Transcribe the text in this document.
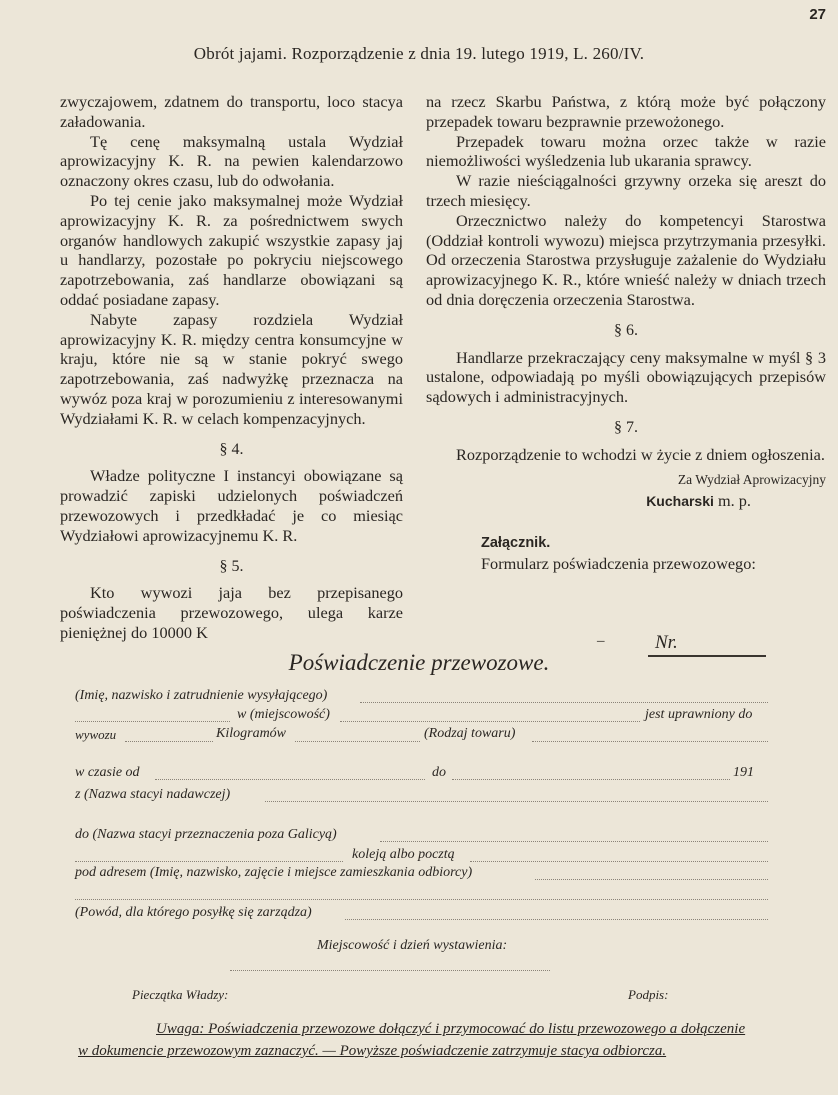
27
Obrót jajami. Rozporządzenie z dnia 19. lutego 1919, L. 260/IV.

zwyczajowem, zdatnem do transportu, loco stacya załadowania.

Tę cenę maksymalną ustala Wydział aprowizacyjny K. R. na pewien kalendarzowo oznaczony okres czasu, lub do odwołania.

Po tej cenie jako maksymalnej może Wydział aprowizacyjny K. R. za pośrednictwem swych organów handlowych zakupić wszystkie zapasy jaj u handlarzy, pozostałe po pokryciu niejscowego zapotrzebowania, zaś handlarze obowiązani są oddać posiadane zapasy.

Nabyte zapasy rozdziela Wydział aprowizacyjny K. R. między centra konsumcyjne w kraju, które nie są w stanie pokryć swego zapotrzebowania, zaś nadwyżkę przeznacza na wywóz poza kraj w porozumieniu z interesowanymi Wydziałami K. R. w celach kompenzacyjnych.

§ 4.

Władze polityczne I instancyi obowiązane są prowadzić zapiski udzielonych poświadczeń przewozowych i przedkładać je co miesiąc Wydziałowi aprowizacyjnemu K. R.

§ 5.

Kto wywozi jaja bez przepisanego poświadczenia przewozowego, ulega karze pieniężnej do 10000 K

na rzecz Skarbu Państwa, z którą może być połączony przepadek towaru bezprawnie przewożonego.

Przepadek towaru można orzec także w razie niemożliwości wyśledzenia lub ukarania sprawcy.

W razie nieściągalności grzywny orzeka się areszt do trzech miesięcy.

Orzecznictwo należy do kompetencyi Starostwa (Oddział kontroli wywozu) miejsca przytrzymania przesyłki. Od orzeczenia Starostwa przysługuje zażalenie do Wydziału aprowizacyjnego K. R., które wnieść należy w dniach trzech od dnia doręczenia orzeczenia Starostwa.

§ 6.

Handlarze przekraczający ceny maksymalne w myśl § 3 ustalone, odpowiadają po myśli obowiązujących przepisów sądowych i administracyjnych.

§ 7.

Rozporządzenie to wchodzi w życie z dniem ogłoszenia.

Za Wydział Aprowizacyjny
Kucharski m. p.
Załącznik.

Formularz poświadczenia przewozowego:

–	Nr.
Poświadczenie przewozowe.
(Imię, nazwisko i zatrudnienie wysyłającego)
w (miejscowość)	jest uprawniony do
wywozu	Kilogramów	(Rodzaj towaru)
w czasie od	do	191
z (Nazwa stacyi nadawczej)
do (Nazwa stacyi przeznaczenia poza Galicyą)
koleją albo pocztą
pod adresem (Imię, nazwisko, zajęcie i miejsce zamieszkania odbiorcy)
(Powód, dla którego posyłkę się zarządza)
Miejscowość i dzień wystawienia:
Pieczątka Władzy:	Podpis:
Uwaga: Poświadczenia przewozowe dołączyć i przymocować do listu przewozowego a dołączenie
w dokumencie przewozowym zaznaczyć. — Powyższe poświadczenie zatrzymuje stacya odbiorcza.
